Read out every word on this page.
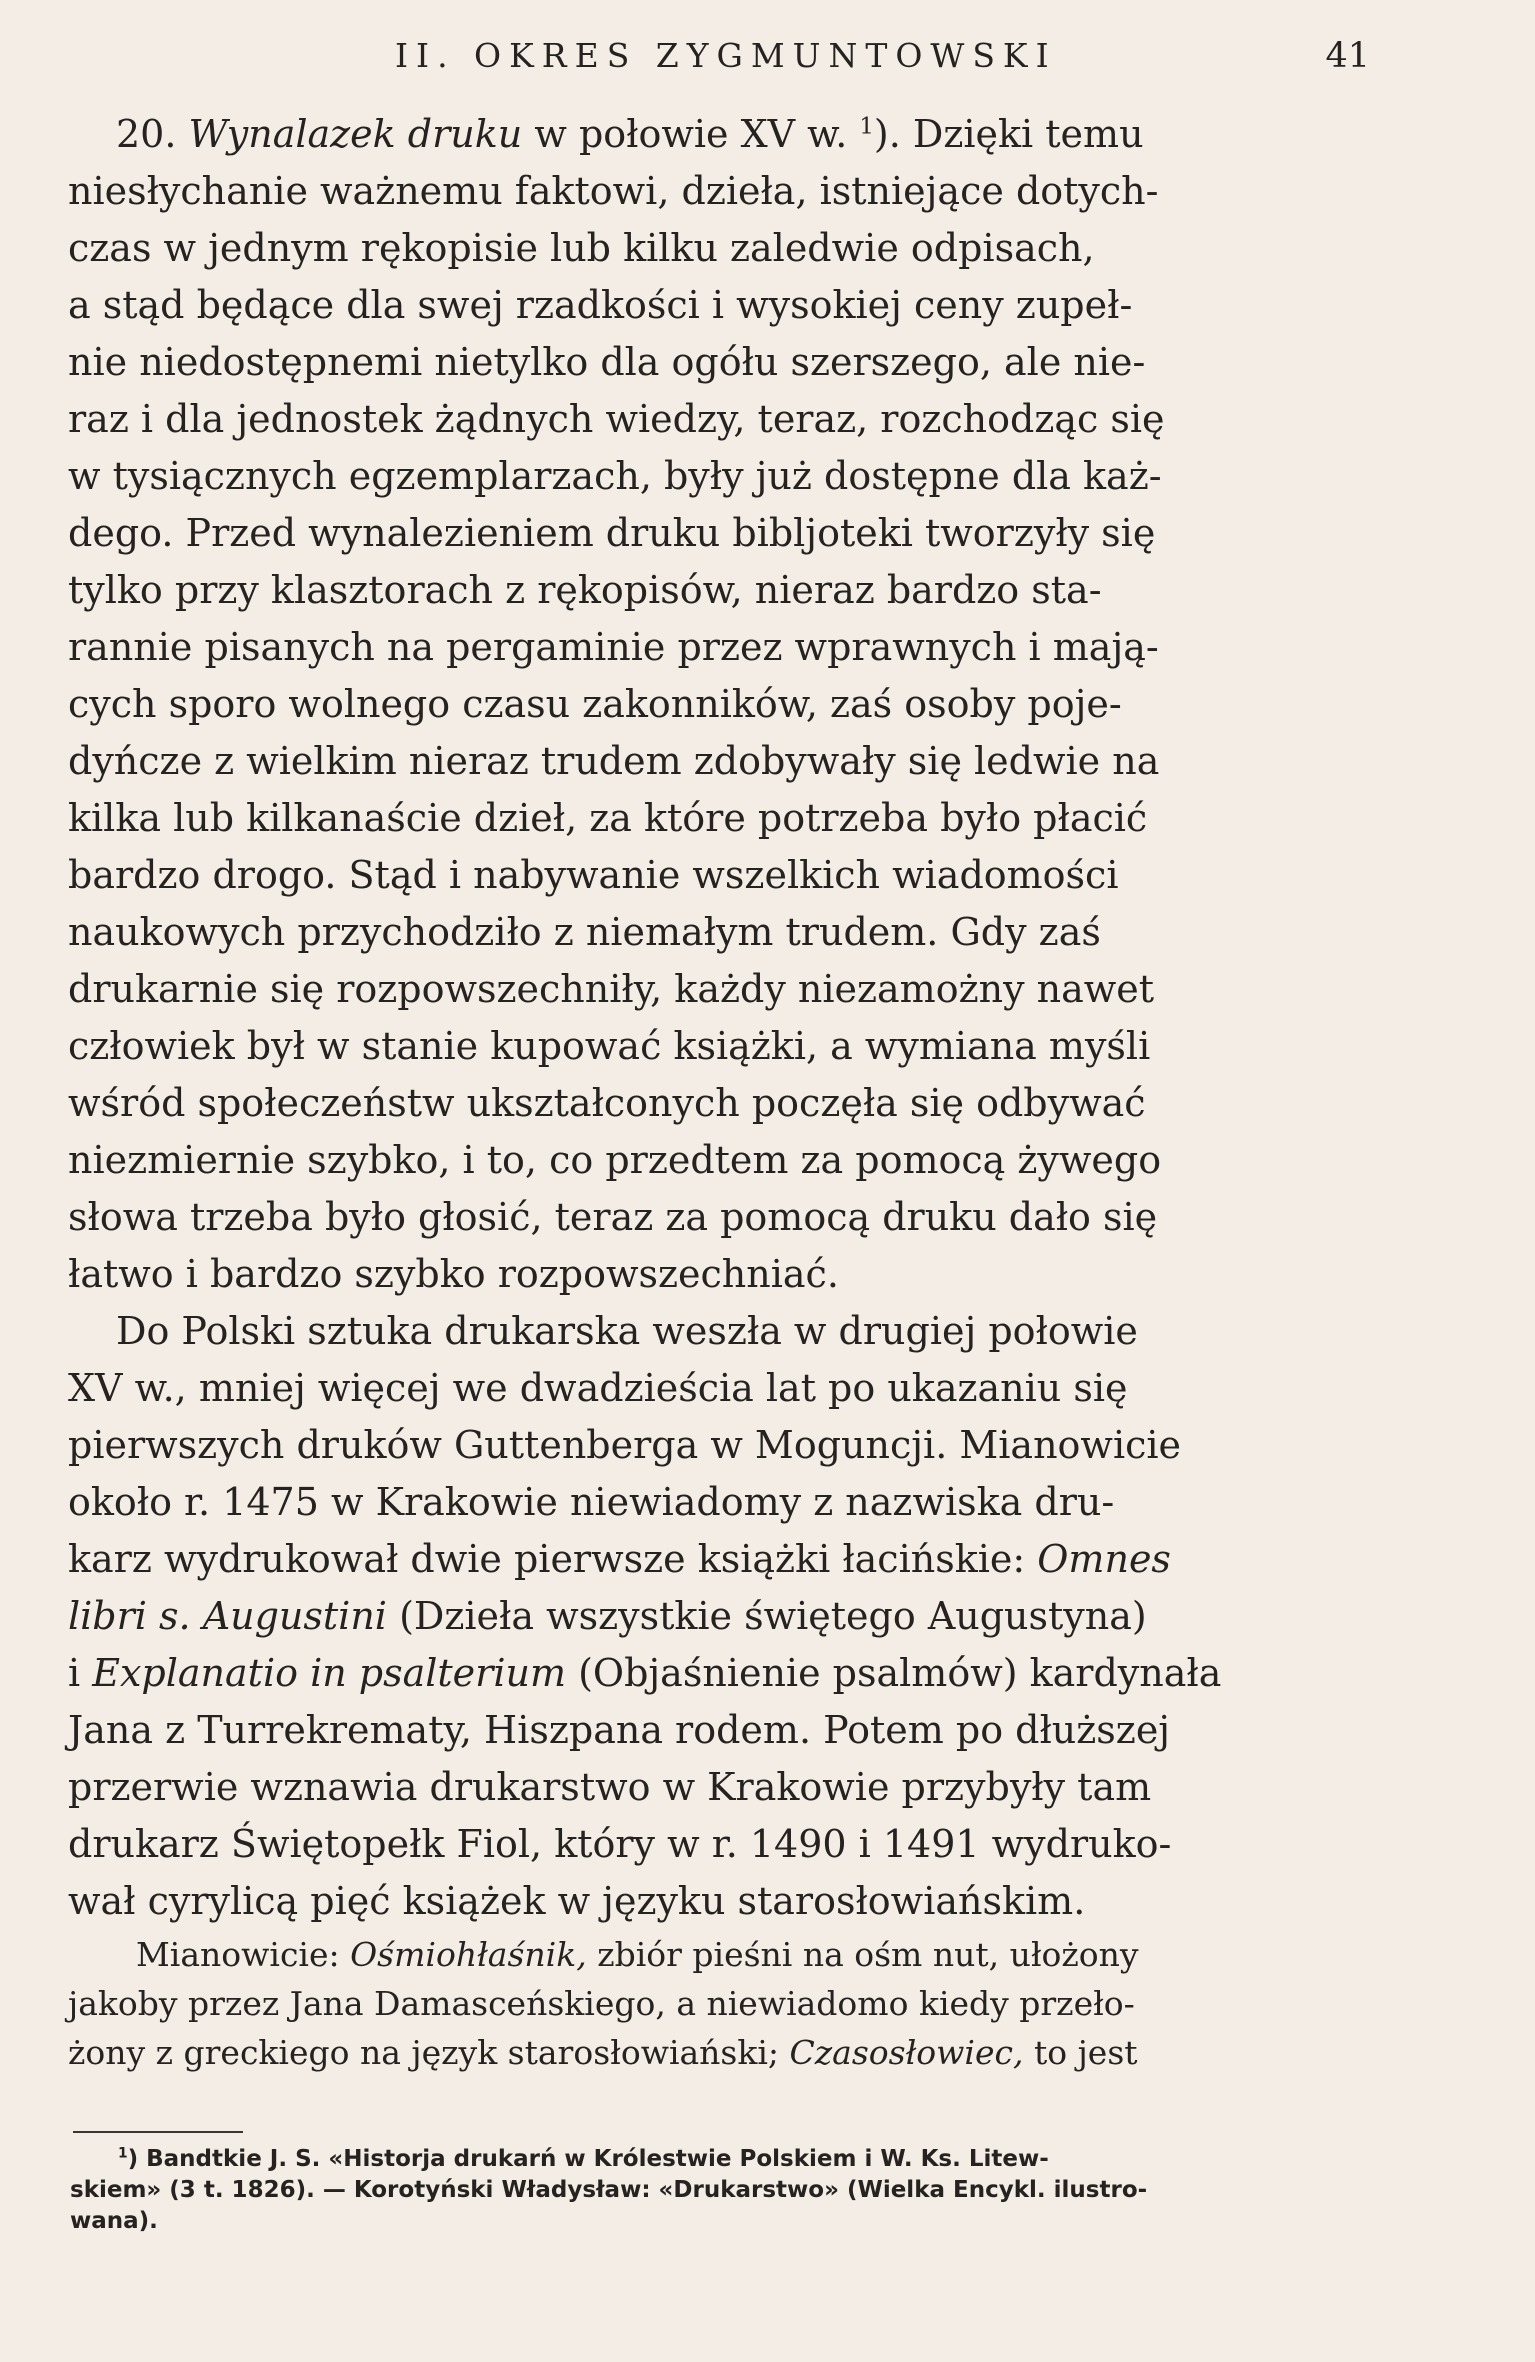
II. OKRES ZYGMUNTOWSKI	41
20. Wynalazek druku w połowie XV w. $^1$). Dzięki temu
niesłychanie ważnemu faktowi, dzieła, istniejące dotych-
czas w jednym rękopisie lub kilku zaledwie odpisach,
a stąd będące dla swej rzadkości i wysokiej ceny zupeł-
nie niedostępnemi nietylko dla ogółu szerszego, ale nie-
raz i dla jednostek żądnych wiedzy, teraz, rozchodząc się
w tysiącznych egzemplarzach, były już dostępne dla każ-
dego. Przed wynalezieniem druku bibljoteki tworzyły się
tylko przy klasztorach z rękopisów, nieraz bardzo sta-
rannie pisanych na pergaminie przez wprawnych i mają-
cych sporo wolnego czasu zakonników, zaś osoby poje-
dyńcze z wielkim nieraz trudem zdobywały się ledwie na
kilka lub kilkanaście dzieł, za które potrzeba było płacić
bardzo drogo. Stąd i nabywanie wszelkich wiadomości
naukowych przychodziło z niemałym trudem. Gdy zaś
drukarnie się rozpowszechniły, każdy niezamożny nawet
człowiek był w stanie kupować książki, a wymiana myśli
wśród społeczeństw ukształconych poczęła się odbywać
niezmiernie szybko, i to, co przedtem za pomocą żywego
słowa trzeba było głosić, teraz za pomocą druku dało się
łatwo i bardzo szybko rozpowszechniać.
Do Polski sztuka drukarska weszła w drugiej połowie
XV w., mniej więcej we dwadzieścia lat po ukazaniu się
pierwszych druków Guttenberga w Moguncji. Mianowicie
około r. 1475 w Krakowie niewiadomy z nazwiska dru-
karz wydrukował dwie pierwsze książki łacińskie: Omnes
libri s. Augustini (Dzieła wszystkie świętego Augustyna)
i Explanatio in psalterium (Objaśnienie psalmów) kardynała
Jana z Turrekrematy, Hiszpana rodem. Potem po dłuższej
przerwie wznawia drukarstwo w Krakowie przybyły tam
drukarz Świętopełk Fiol, który w r. 1490 i 1491 wydruko-
wał cyrylicą pięć książek w języku starosłowiańskim.
Mianowicie: Ośmiohłaśnik, zbiór pieśni na ośm nut, ułożony
jakoby przez Jana Damasceńskiego, a niewiadomo kiedy przeło-
żony z greckiego na język starosłowiański; Czasosłowiec, to jest
$^1$) Bandtkie J. S. «Historja drukarń w Królestwie Polskiem i W. Ks. Litew-
skiem» (3 t. 1826). — Korotyński Władysław: «Drukarstwo» (Wielka Encykl. ilustro-
wana).
